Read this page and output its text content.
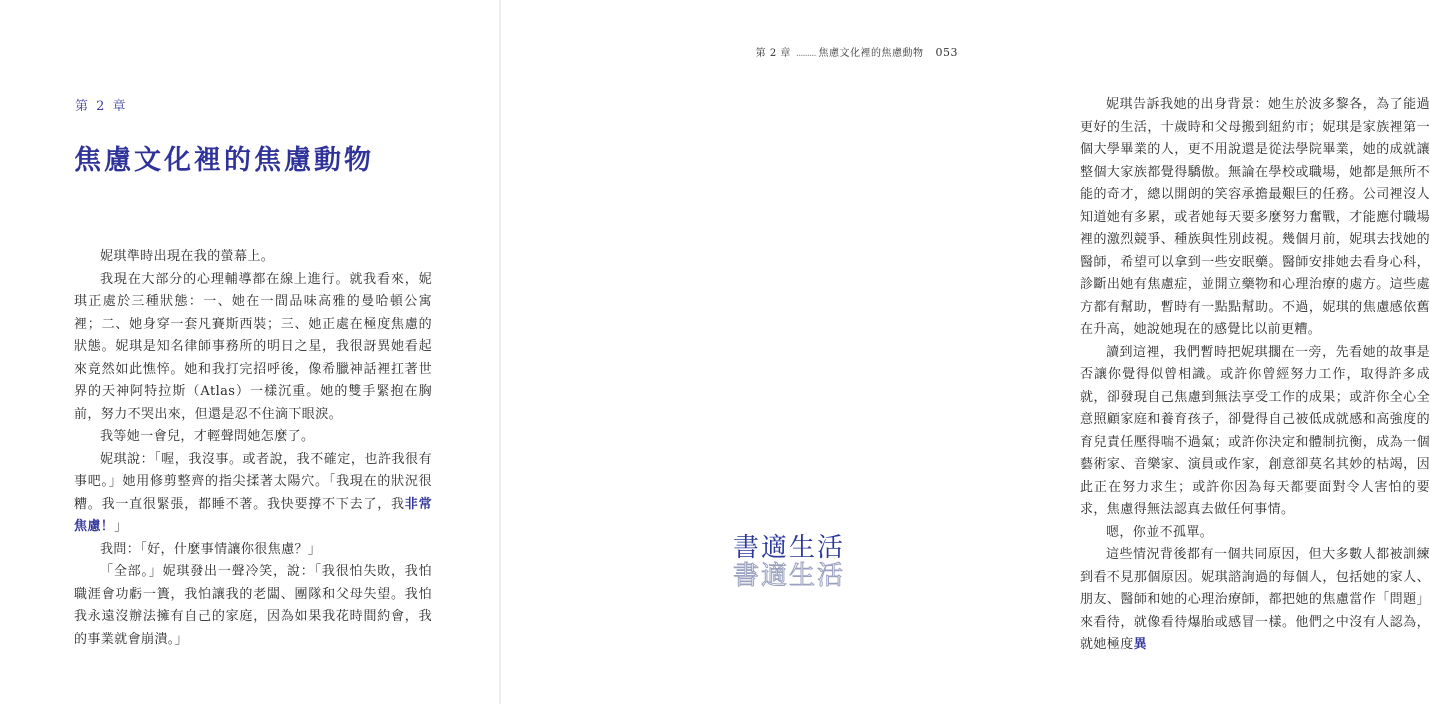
第 2 章
焦慮文化裡的焦慮動物

妮琪準時出現在我的螢幕上。

我現在大部分的心理輔導都在線上進行。就我看來，妮琪正處於三種狀態：一、她在一間品味高雅的曼哈頓公寓裡；二、她身穿一套凡賽斯西裝；三、她正處在極度焦慮的狀態。妮琪是知名律師事務所的明日之星，我很訝異她看起來竟然如此憔悴。她和我打完招呼後，像希臘神話裡扛著世界的天神阿特拉斯（Atlas）一樣沉重。她的雙手緊抱在胸前，努力不哭出來，但還是忍不住滴下眼淚。

我等她一會兒，才輕聲問她怎麼了。

妮琪說：「喔，我沒事。或者說，我不確定，也許我很有事吧。」她用修剪整齊的指尖揉著太陽穴。「我現在的狀況很糟。我一直很緊張，都睡不著。我快要撐不下去了，我非常焦慮！」

我問：「好，什麼事情讓你很焦慮？」

「全部。」妮琪發出一聲冷笑，說：「我很怕失敗，我怕職涯會功虧一簣，我怕讓我的老闆、團隊和父母失望。我怕我永遠沒辦法擁有自己的家庭，因為如果我花時間約會，我的事業就會崩潰。」

第 2 章 ......... 焦慮文化裡的焦慮動物 053

妮琪告訴我她的出身背景：她生於波多黎各，為了能過更好的生活，十歲時和父母搬到紐約市；妮琪是家族裡第一個大學畢業的人，更不用說還是從法學院畢業，她的成就讓整個大家族都覺得驕傲。無論在學校或職場，她都是無所不能的奇才，總以開朗的笑容承擔最艱巨的任務。公司裡沒人知道她有多累，或者她每天要多麼努力奮戰，才能應付職場裡的激烈競爭、種族與性別歧視。幾個月前，妮琪去找她的醫師，希望可以拿到一些安眠藥。醫師安排她去看身心科，診斷出她有焦慮症，並開立藥物和心理治療的處方。這些處方都有幫助，暫時有一點點幫助。不過，妮琪的焦慮感依舊在升高，她說她現在的感覺比以前更糟。

讀到這裡，我們暫時把妮琪擱在一旁，先看她的故事是否讓你覺得似曾相識。或許你曾經努力工作，取得許多成就，卻發現自己焦慮到無法享受工作的成果；或許你全心全意照顧家庭和養育孩子，卻覺得自己被低成就感和高強度的育兒責任壓得喘不過氣；或許你決定和體制抗衡，成為一個藝術家、音樂家、演員或作家，創意卻莫名其妙的枯竭，因此正在努力求生；或許你因為每天都要面對令人害怕的要求，焦慮得無法認真去做任何事情。

嗯，你並不孤單。

這些情況背後都有一個共同原因，但大多數人都被訓練到看不見那個原因。妮琪諮詢過的每個人，包括她的家人、朋友、醫師和她的心理治療師，都把她的焦慮當作「問題」來看待，就像看待爆胎或感冒一樣。他們之中沒有人認為，就她極度異

書適生活
書適生活
